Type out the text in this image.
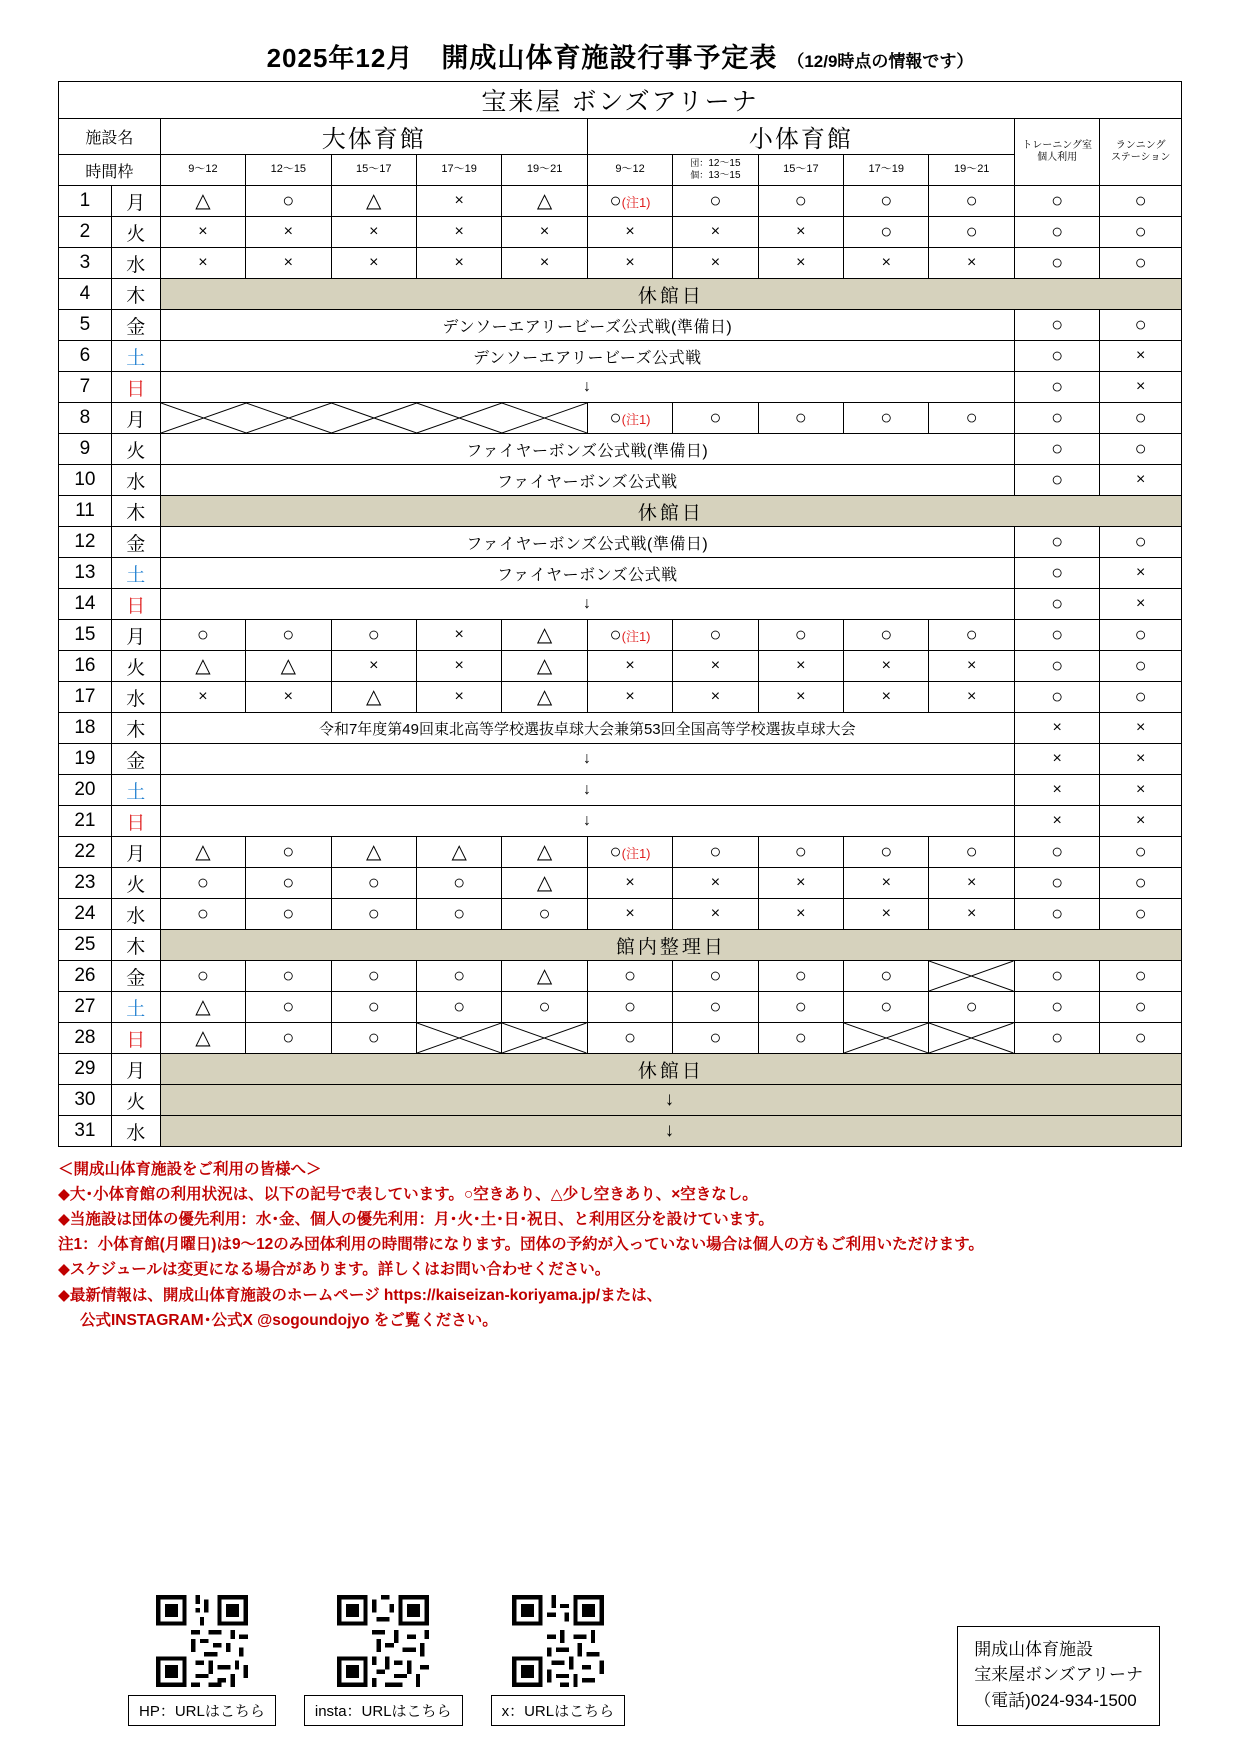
2025年12月 開成山体育施設行事予定表 （12/9時点の情報です）
宝来屋 ボンズアリーナ													
施設名		大体育館					小体育館					トレーニング室
個人利用	ランニング
ステーション
時間枠		9～12	12～15	15～17	17～19	19～21	9～12	団：12～15
個：13～15	15～17	17～19	19～21		
1	月	△	○	△	×	△	○(注1)	○	○	○	○	○	○
2	火	×	×	×	×	×	×	×	×	○	○	○	○
3	水	×	×	×	×	×	×	×	×	×	×	○	○
4	木	休館日											
5	金	デンソーエアリービーズ公式戦(準備日)										○	○
6	土	デンソーエアリービーズ公式戦										○	×
7	日	↓										○	×
8	月						○(注1)	○	○	○	○	○	○
9	火	ファイヤーボンズ公式戦(準備日)										○	○
10	水	ファイヤーボンズ公式戦										○	×
11	木	休館日											
12	金	ファイヤーボンズ公式戦(準備日)										○	○
13	土	ファイヤーボンズ公式戦										○	×
14	日	↓										○	×
15	月	○	○	○	×	△	○(注1)	○	○	○	○	○	○
16	火	△	△	×	×	△	×	×	×	×	×	○	○
17	水	×	×	△	×	△	×	×	×	×	×	○	○
18	木	令和7年度第49回東北高等学校選抜卓球大会兼第53回全国高等学校選抜卓球大会										×	×
19	金	↓										×	×
20	土	↓										×	×
21	日	↓										×	×
22	月	△	○	△	△	△	○(注1)	○	○	○	○	○	○
23	火	○	○	○	○	△	×	×	×	×	×	○	○
24	水	○	○	○	○	○	×	×	×	×	×	○	○
25	木	館内整理日											
26	金	○	○	○	○	△	○	○	○	○		○	○
27	土	△	○	○	○	○	○	○	○	○	○	○	○
28	日	△	○	○			○	○	○			○	○
29	月	休館日											
30	火	↓											
31	水	↓											
＜開成山体育施設をご利用の皆様へ＞
◆大･小体育館の利用状況は、以下の記号で表しています。○空きあり、△少し空きあり、×空きなし。
◆当施設は団体の優先利用：水･金、個人の優先利用：月･火･土･日･祝日、と利用区分を設けています。
注1：小体育館(月曜日)は9～12のみ団体利用の時間帯になります。団体の予約が入っていない場合は個人の方もご利用いただけます。
◆スケジュールは変更になる場合があります。詳しくはお問い合わせください。
◆最新情報は、開成山体育施設のホームページ https://kaiseizan-koriyama.jp/または、
公式INSTAGRAM･公式X @sogoundojyo をご覧ください。
HP：URLはこちら	insta：URLはこちら	x：URLはこちら
開成山体育施設
宝来屋ボンズアリーナ
（電話)024-934-1500
